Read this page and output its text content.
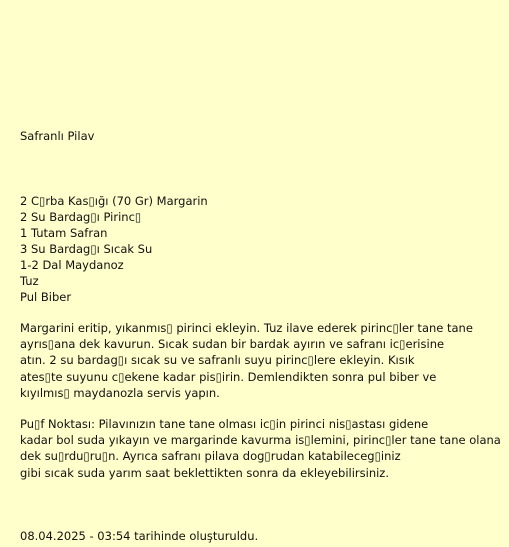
Safranlı Pilav
2 C▯rba Kas▯ığı (70 Gr) Margarin
2 Su Bardag▯ı Pirinc▯
1 Tutam Safran
3 Su Bardag▯ı Sıcak Su
1-2 Dal Maydanoz
Tuz
Pul Biber

Margarini eritip, yıkanmıs▯ pirinci ekleyin. Tuz ilave ederek pirinc▯ler tane tane
ayrıs▯ana dek kavurun. Sıcak sudan bir bardak ayırın ve safranı ic▯erisine
atın. 2 su bardag▯ı sıcak su ve safranlı suyu pirinc▯lere ekleyin. Kısık
ates▯te suyunu c▯ekene kadar pis▯irin. Demlendikten sonra pul biber ve
kıyılmıs▯ maydanozla servis yapın.

Pu▯f Noktası: Pilavınızın tane tane olması ic▯in pirinci nis▯astası gidene
kadar bol suda yıkayın ve margarinde kavurma is▯lemini, pirinc▯ler tane tane olana
dek su▯rdu▯ru▯n. Ayrıca safranı pilava dog▯rudan katabileceg▯iniz
gibi sıcak suda yarım saat beklettikten sonra da ekleyebilirsiniz.

08.04.2025 - 03:54 tarihinde oluşturuldu.
